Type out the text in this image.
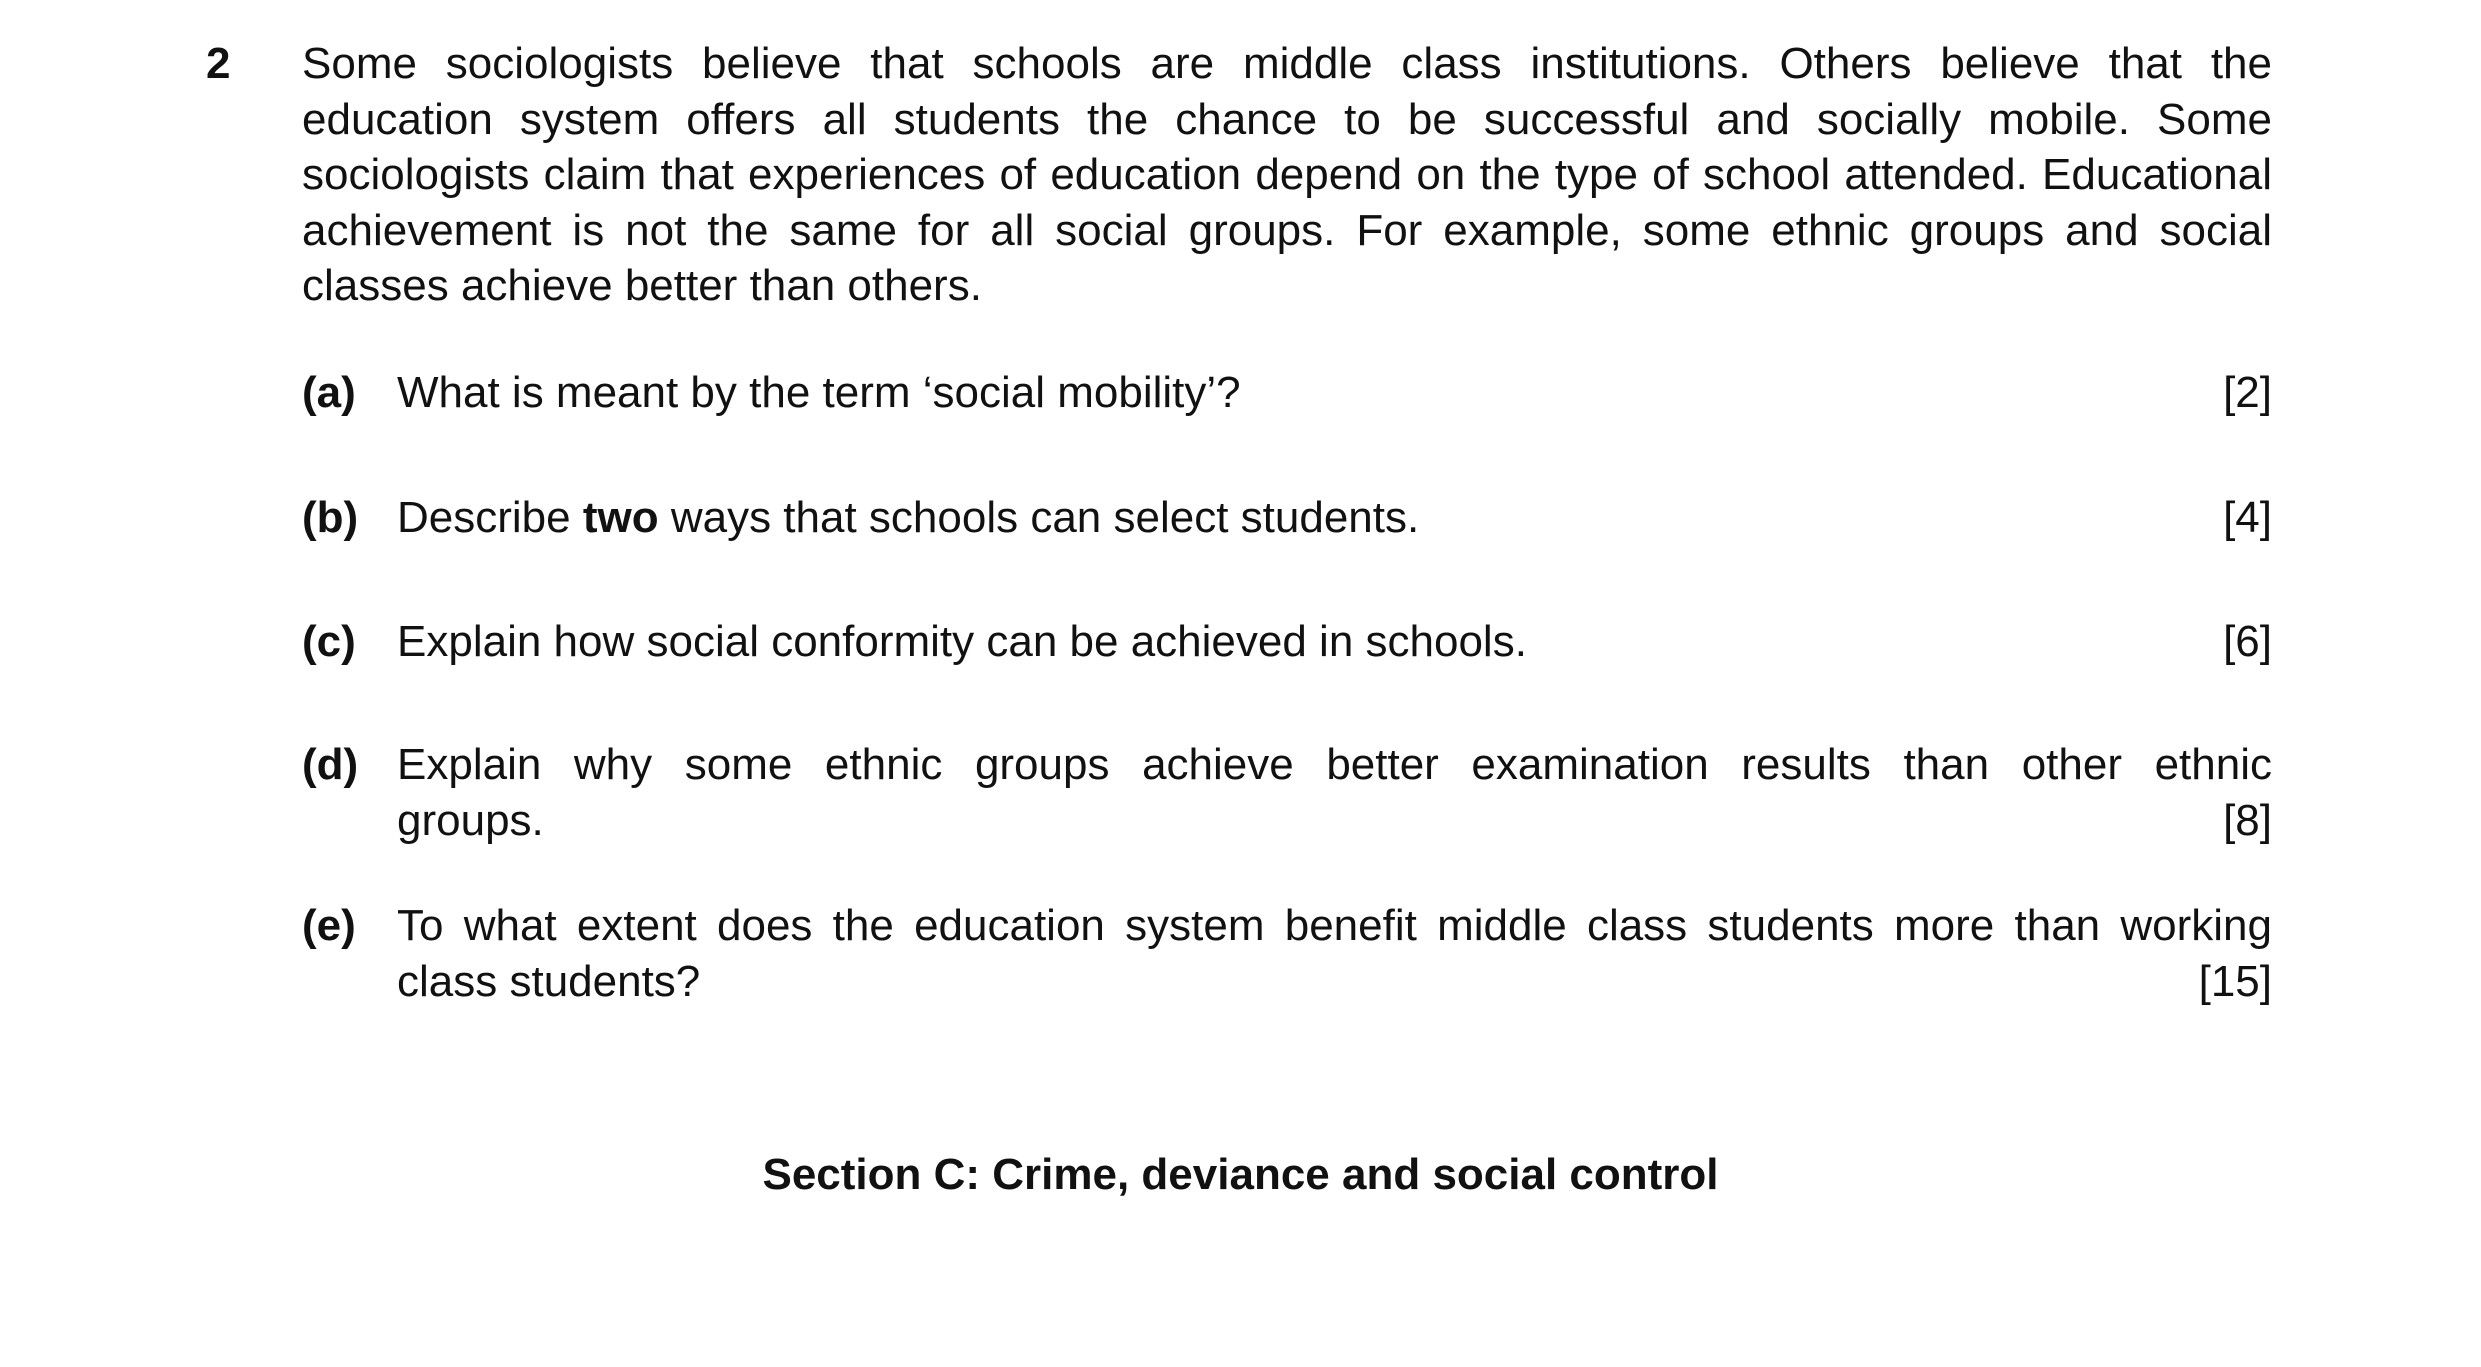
2 Some sociologists believe that schools are middle class institutions. Others believe that the education system offers all students the chance to be successful and socially mobile. Some sociologists claim that experiences of education depend on the type of school attended. Educational achievement is not the same for all social groups. For example, some ethnic groups and social classes achieve better than others.

(a) What is meant by the term ‘social mobility’?	[2]
(b) Describe two ways that schools can select students.	[4]
(c) Explain how social conformity can be achieved in schools.	[6]
(d) Explain why some ethnic groups achieve better examination results than other ethnic
groups.	[8]
(e) To what extent does the education system benefit middle class students more than working
class students?	[15]
Section C: Crime, deviance and social control
